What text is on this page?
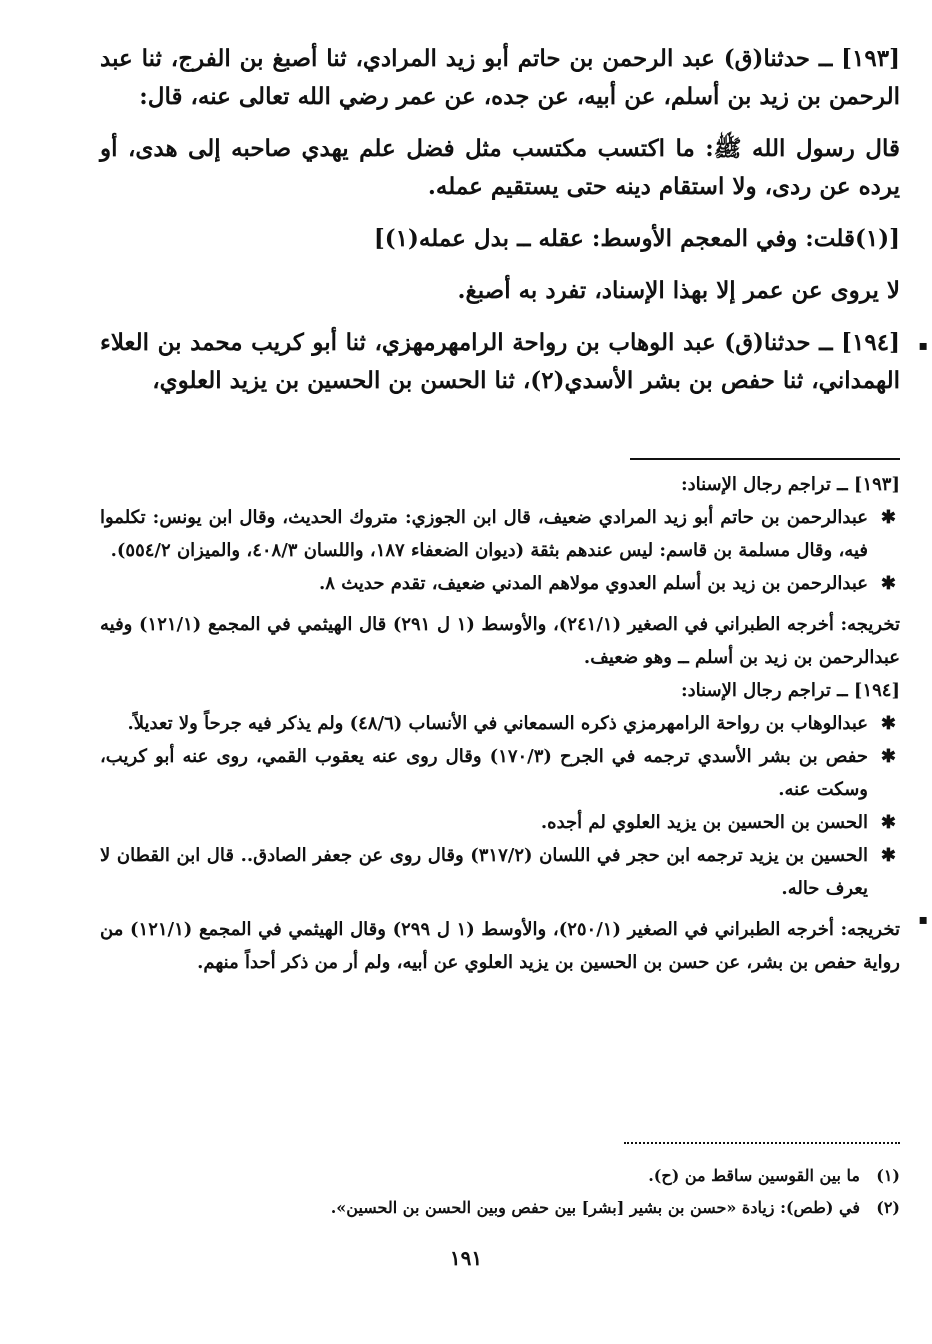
[١٩٣] ــ حدثنا(ق) عبد الرحمن بن حاتم أبو زيد المرادي، ثنا أصبغ بن الفرج، ثنا عبد الرحمن بن زيد بن أسلم، عن أبيه، عن جده، عن عمر رضي الله تعالى عنه، قال:

قال رسول الله ﷺ: ما اكتسب مكتسب مثل فضل علم يهدي صاحبه إلى هدى، أو يرده عن ردى، ولا استقام دينه حتى يستقيم عمله.

[(١)قلت: وفي المعجم الأوسط: عقله ــ بدل عمله(١)]

لا يروى عن عمر إلا بهذا الإسناد، تفرد به أصبغ.

[١٩٤] ــ حدثنا(ق) عبد الوهاب بن رواحة الرامهرمهزي، ثنا أبو كريب محمد بن العلاء الهمداني، ثنا حفص بن بشر الأسدي(٢)، ثنا الحسن بن الحسين بن يزيد العلوي،

[١٩٣] ــ تراجم رجال الإسناد:

✱
عبدالرحمن بن حاتم أبو زيد المرادي ضعيف، قال ابن الجوزي: متروك الحديث، وقال ابن يونس: تكلموا فيه، وقال مسلمة بن قاسم: ليس عندهم بثقة (ديوان الضعفاء ١٨٧، واللسان ٤٠٨/٣، والميزان ٥٥٤/٢).

✱
عبدالرحمن بن زيد بن أسلم العدوي مولاهم المدني ضعيف، تقدم حديث ٨.

تخريجه: أخرجه الطبراني في الصغير (٢٤١/١)، والأوسط (١ ل ٢٩١) قال الهيثمي في المجمع (١٢١/١) وفيه عبدالرحمن بن زيد بن أسلم ــ وهو ضعيف.

[١٩٤] ــ تراجم رجال الإسناد:

✱
عبدالوهاب بن رواحة الرامهرمزي ذكره السمعاني في الأنساب (٤٨/٦) ولم يذكر فيه جرحاً ولا تعديلاً.

✱
حفص بن بشر الأسدي ترجمه في الجرح (١٧٠/٣) وقال روى عنه يعقوب القمي، روى عنه أبو كريب، وسكت عنه.

✱
الحسن بن الحسين بن يزيد العلوي لم أجده.

✱
الحسين بن يزيد ترجمه ابن حجر في اللسان (٣١٧/٢) وقال روى عن جعفر الصادق.. قال ابن القطان لا يعرف حاله.

تخريجه: أخرجه الطبراني في الصغير (٢٥٠/١)، والأوسط (١ ل ٢٩٩) وقال الهيثمي في المجمع (١٢١/١) من رواية حفص بن بشر، عن حسن بن الحسين بن يزيد العلوي عن أبيه، ولم أر من ذكر أحداً منهم.

(١)
ما بين القوسين ساقط من (ح).

(٢)
في (طص): زيادة «حسن بن بشير [بشر] بين حفص وبين الحسن بن الحسين».

١٩١
▪
▪
